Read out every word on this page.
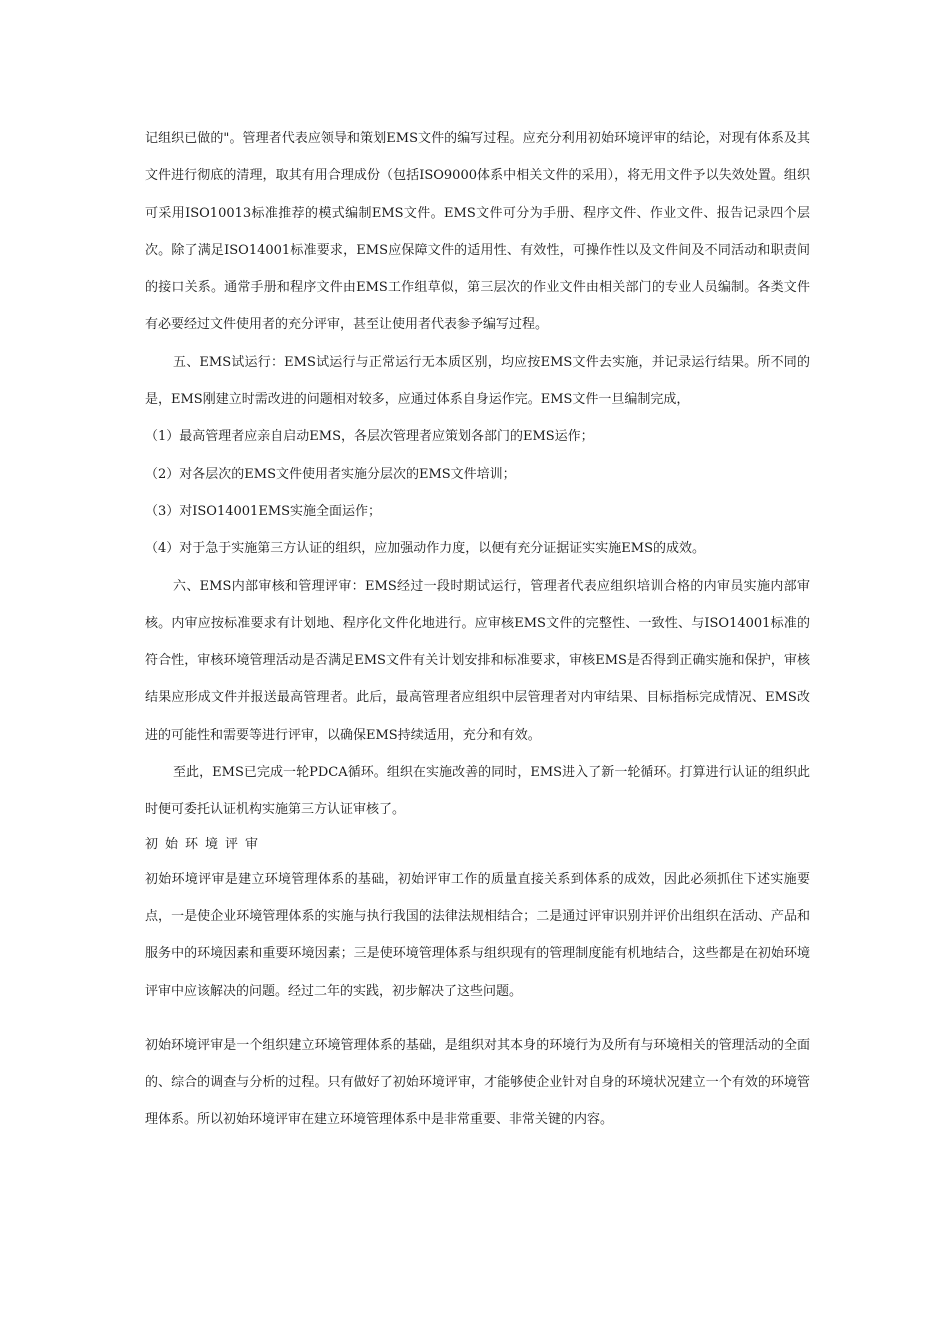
记组织已做的"。管理者代表应领导和策划EMS文件的编写过程。应充分利用初始环境评审的结论，对现有体系及其文件进行彻底的清理，取其有用合理成份（包括ISO9000体系中相关文件的采用），将无用文件予以失效处置。组织可采用ISO10013标准推荐的模式编制EMS文件。EMS文件可分为手册、程序文件、作业文件、报告记录四个层次。除了满足ISO14001标准要求，EMS应保障文件的适用性、有效性，可操作性以及文件间及不同活动和职责间的接口关系。通常手册和程序文件由EMS工作组草似，第三层次的作业文件由相关部门的专业人员编制。各类文件有必要经过文件使用者的充分评审，甚至让使用者代表参予编写过程。

五、EMS试运行：EMS试运行与正常运行无本质区别，均应按EMS文件去实施，并记录运行结果。所不同的是，EMS刚建立时需改进的问题相对较多，应通过体系自身运作完。EMS文件一旦编制完成，

（1）最高管理者应亲自启动EMS，各层次管理者应策划各部门的EMS运作；

（2）对各层次的EMS文件使用者实施分层次的EMS文件培训；

（3）对ISO14001EMS实施全面运作；

（4）对于急于实施第三方认证的组织，应加强动作力度，以便有充分证据证实实施EMS的成效。

六、EMS内部审核和管理评审：EMS经过一段时期试运行，管理者代表应组织培训合格的内审员实施内部审核。内审应按标准要求有计划地、程序化文件化地进行。应审核EMS文件的完整性、一致性、与ISO14001标准的符合性，审核环境管理活动是否满足EMS文件有关计划安排和标准要求，审核EMS是否得到正确实施和保护，审核结果应形成文件并报送最高管理者。此后，最高管理者应组织中层管理者对内审结果、目标指标完成情况、EMS改进的可能性和需要等进行评审，以确保EMS持续适用，充分和有效。

至此，EMS已完成一轮PDCA循环。组织在实施改善的同时，EMS进入了新一轮循环。打算进行认证的组织此时便可委托认证机构实施第三方认证审核了。

初始环境评审

初始环境评审是建立环境管理体系的基础，初始评审工作的质量直接关系到体系的成效，因此必须抓住下述实施要点，一是使企业环境管理体系的实施与执行我国的法律法规相结合；二是通过评审识别并评价出组织在活动、产品和服务中的环境因素和重要环境因素；三是使环境管理体系与组织现有的管理制度能有机地结合，这些都是在初始环境评审中应该解决的问题。经过二年的实践，初步解决了这些问题。

初始环境评审是一个组织建立环境管理体系的基础，是组织对其本身的环境行为及所有与环境相关的管理活动的全面的、综合的调查与分析的过程。只有做好了初始环境评审，才能够使企业针对自身的环境状况建立一个有效的环境管理体系。所以初始环境评审在建立环境管理体系中是非常重要、非常关键的内容。
